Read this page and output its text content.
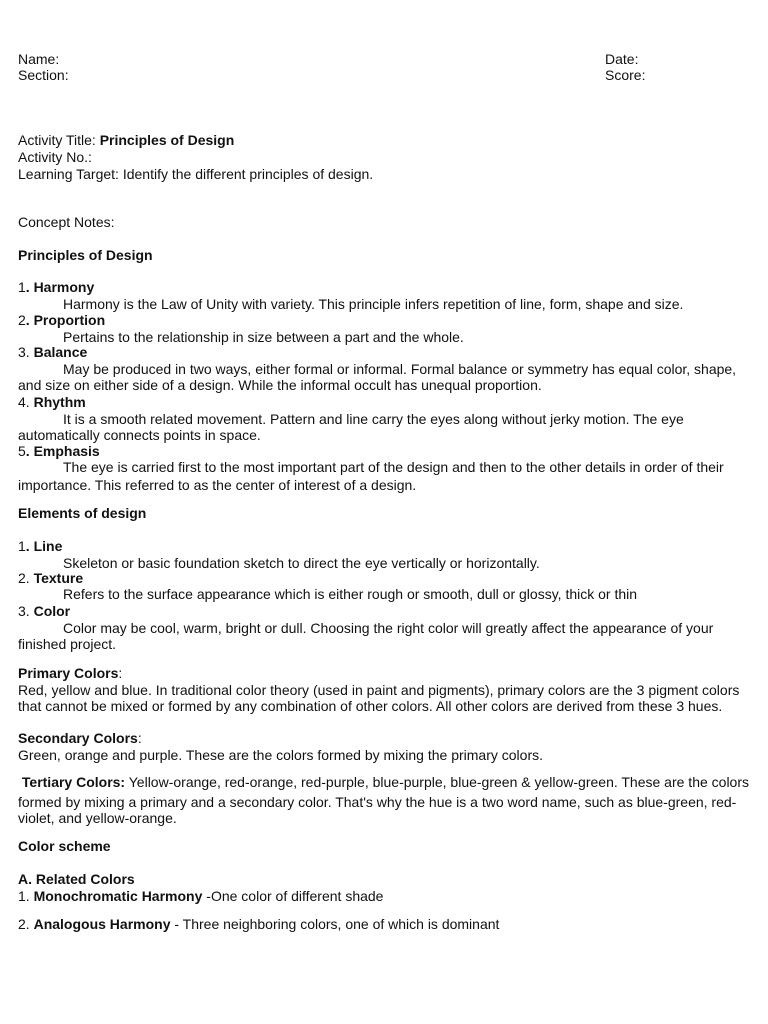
Name:
Section:
Date:
Score:
Activity Title: Principles of Design
Activity No.:
Learning Target: Identify the different principles of design.
Concept Notes:
Principles of Design
1. Harmony
Harmony is the Law of Unity with variety. This principle infers repetition of line, form, shape and size.
2. Proportion
Pertains to the relationship in size between a part and the whole.
3. Balance
May be produced in two ways, either formal or informal. Formal balance or symmetry has equal color, shape,
and size on either side of a design. While the informal occult has unequal proportion.
4. Rhythm
It is a smooth related movement. Pattern and line carry the eyes along without jerky motion. The eye
automatically connects points in space.
5. Emphasis
The eye is carried first to the most important part of the design and then to the other details in order of their
importance. This referred to as the center of interest of a design.
Elements of design
1. Line
Skeleton or basic foundation sketch to direct the eye vertically or horizontally.
2. Texture
Refers to the surface appearance which is either rough or smooth, dull or glossy, thick or thin
3. Color
Color may be cool, warm, bright or dull. Choosing the right color will greatly affect the appearance of your
finished project.
Primary Colors:
Red, yellow and blue. In traditional color theory (used in paint and pigments), primary colors are the 3 pigment colors
that cannot be mixed or formed by any combination of other colors. All other colors are derived from these 3 hues.
Secondary Colors:
Green, orange and purple. These are the colors formed by mixing the primary colors.
Tertiary Colors: Yellow-orange, red-orange, red-purple, blue-purple, blue-green & yellow-green. These are the colors
formed by mixing a primary and a secondary color. That's why the hue is a two word name, such as blue-green, red-
violet, and yellow-orange.
Color scheme
A. Related Colors
1. Monochromatic Harmony -One color of different shade
2. Analogous Harmony - Three neighboring colors, one of which is dominant
